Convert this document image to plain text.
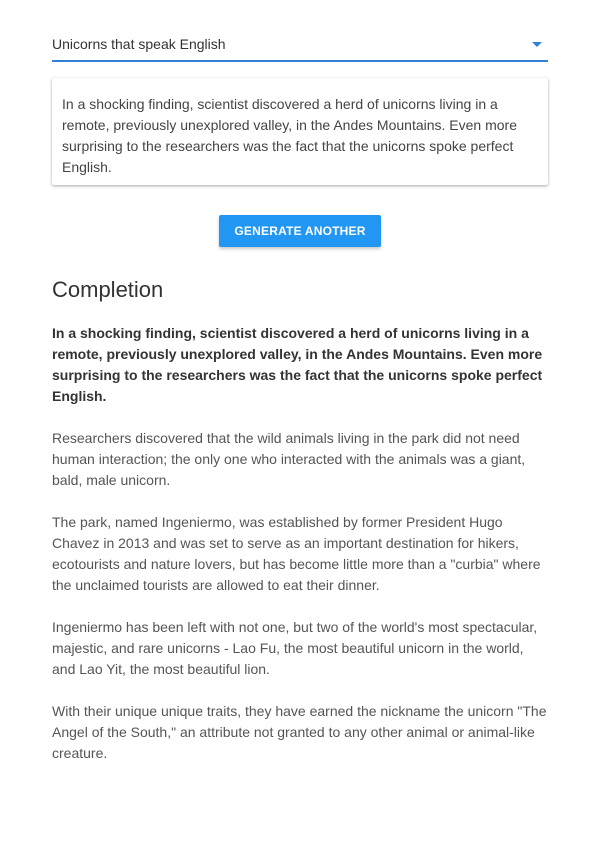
Unicorns that speak English
In a shocking finding, scientist discovered a herd of unicorns living in a remote, previously unexplored valley, in the Andes Mountains. Even more surprising to the researchers was the fact that the unicorns spoke perfect English.
GENERATE ANOTHER
Completion

In a shocking finding, scientist discovered a herd of unicorns living in a remote, previously unexplored valley, in the Andes Mountains. Even more surprising to the researchers was the fact that the unicorns spoke perfect English.

Researchers discovered that the wild animals living in the park did not need human interaction; the only one who interacted with the animals was a giant, bald, male unicorn.

The park, named Ingeniermo, was established by former President Hugo Chavez in 2013 and was set to serve as an important destination for hikers, ecotourists and nature lovers, but has become little more than a "curbia" where the unclaimed tourists are allowed to eat their dinner.

Ingeniermo has been left with not one, but two of the world's most spectacular, majestic, and rare unicorns - Lao Fu, the most beautiful unicorn in the world, and Lao Yit, the most beautiful lion.

With their unique unique traits, they have earned the nickname the unicorn "The Angel of the South," an attribute not granted to any other animal or animal-like creature.
